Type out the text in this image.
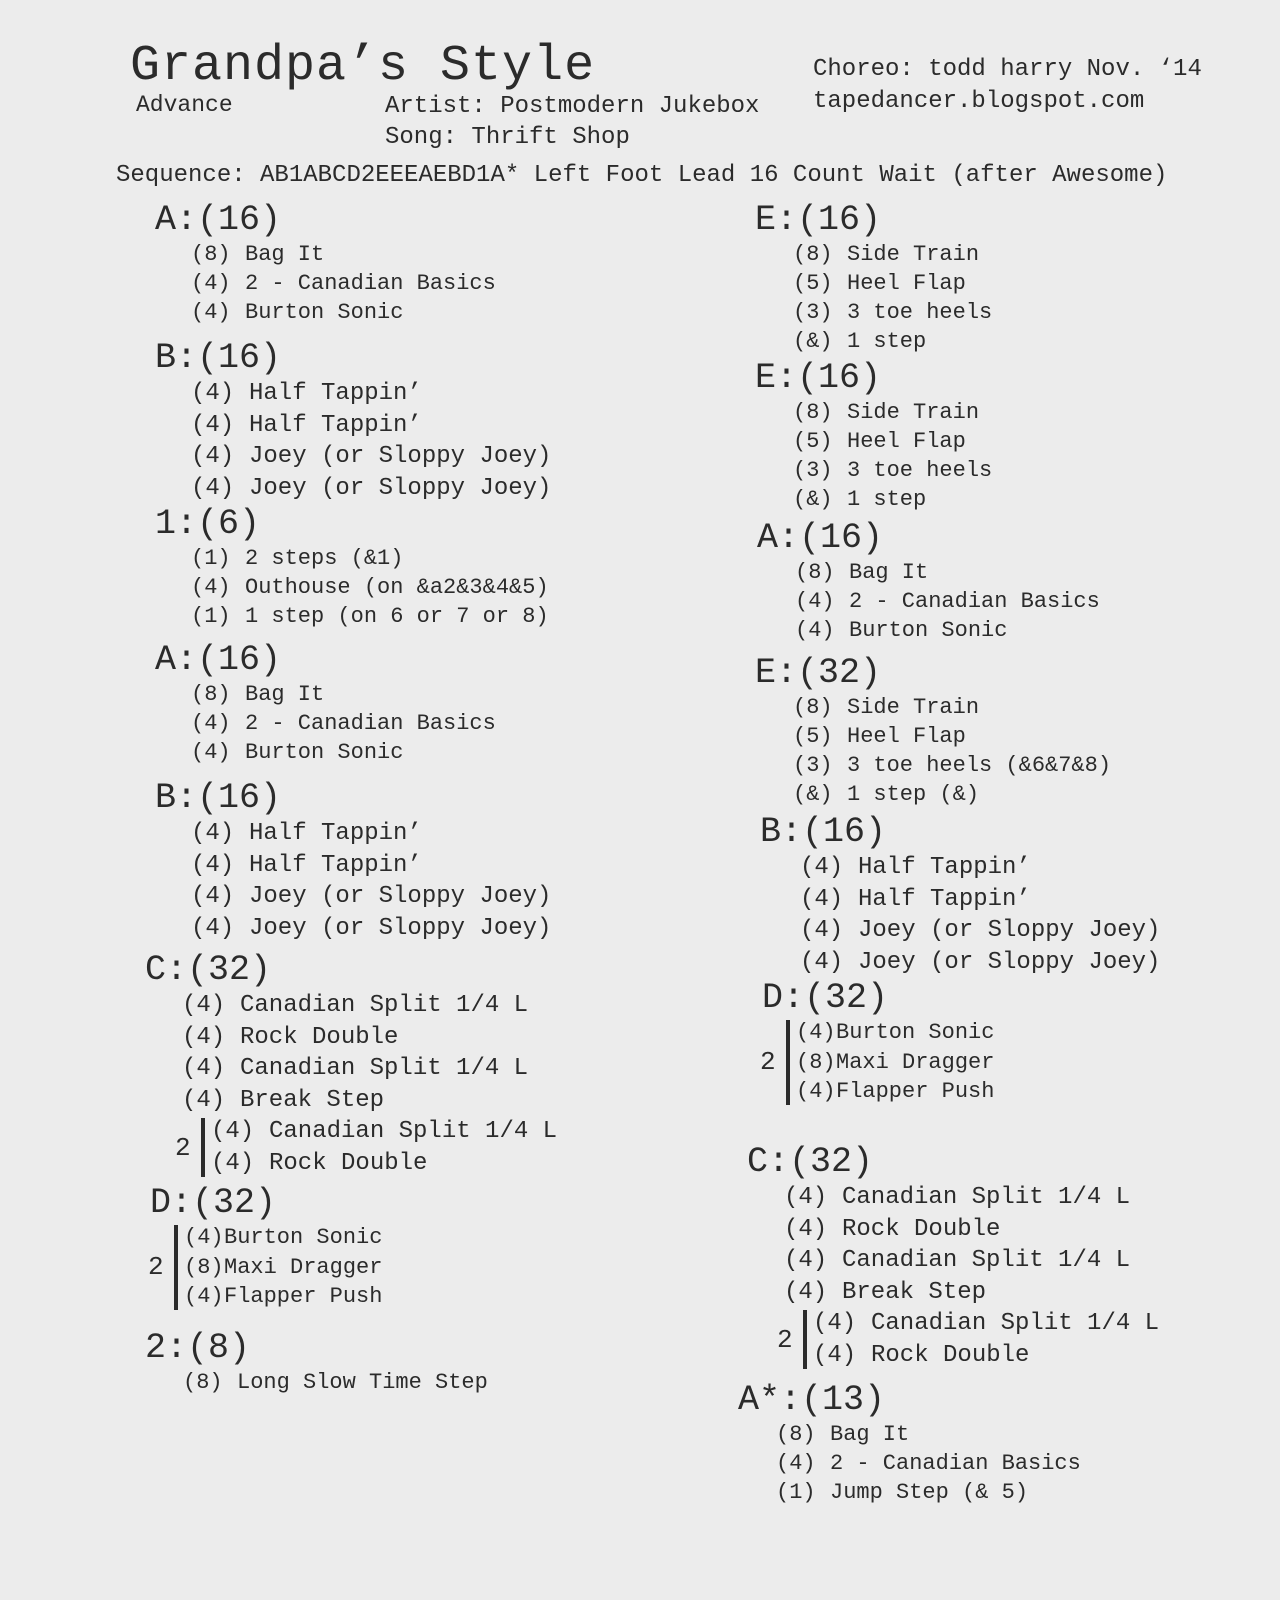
Grandpa’s Style
Advance	Artist: Postmodern Jukebox
Song: Thrift Shop
Choreo: todd harry Nov. ‘14
tapedancer.blogspot.com
Sequence: AB1ABCD2EEEAEBD1A* Left Foot Lead 16 Count Wait (after Awesome)
A:(16)
(8) Bag It
(4) 2 - Canadian Basics
(4) Burton Sonic
B:(16)
(4) Half Tappin’
(4) Half Tappin’
(4) Joey (or Sloppy Joey)
(4) Joey (or Sloppy Joey)
1:(6)
(1) 2 steps (&1)
(4) Outhouse (on &a2&3&4&5)
(1) 1 step (on 6 or 7 or 8)
A:(16)
(8) Bag It
(4) 2 - Canadian Basics
(4) Burton Sonic
B:(16)
(4) Half Tappin’
(4) Half Tappin’
(4) Joey (or Sloppy Joey)
(4) Joey (or Sloppy Joey)
C:(32)
(4) Canadian Split 1/4 L
(4) Rock Double
(4) Canadian Split 1/4 L
(4) Break Step
2
(4) Canadian Split 1/4 L
(4) Rock Double
D:(32)
2
(4)Burton Sonic
(8)Maxi Dragger
(4)Flapper Push
2:(8)
(8) Long Slow Time Step
E:(16)
(8) Side Train
(5) Heel Flap
(3) 3 toe heels
(&) 1 step
E:(16)
(8) Side Train
(5) Heel Flap
(3) 3 toe heels
(&) 1 step
A:(16)
(8) Bag It
(4) 2 - Canadian Basics
(4) Burton Sonic
E:(32)
(8) Side Train
(5) Heel Flap
(3) 3 toe heels (&6&7&8)
(&) 1 step (&)
B:(16)
(4) Half Tappin’
(4) Half Tappin’
(4) Joey (or Sloppy Joey)
(4) Joey (or Sloppy Joey)
D:(32)
2
(4)Burton Sonic
(8)Maxi Dragger
(4)Flapper Push
C:(32)
(4) Canadian Split 1/4 L
(4) Rock Double
(4) Canadian Split 1/4 L
(4) Break Step
2
(4) Canadian Split 1/4 L
(4) Rock Double
A*:(13)
(8) Bag It
(4) 2 - Canadian Basics
(1) Jump Step (& 5)
